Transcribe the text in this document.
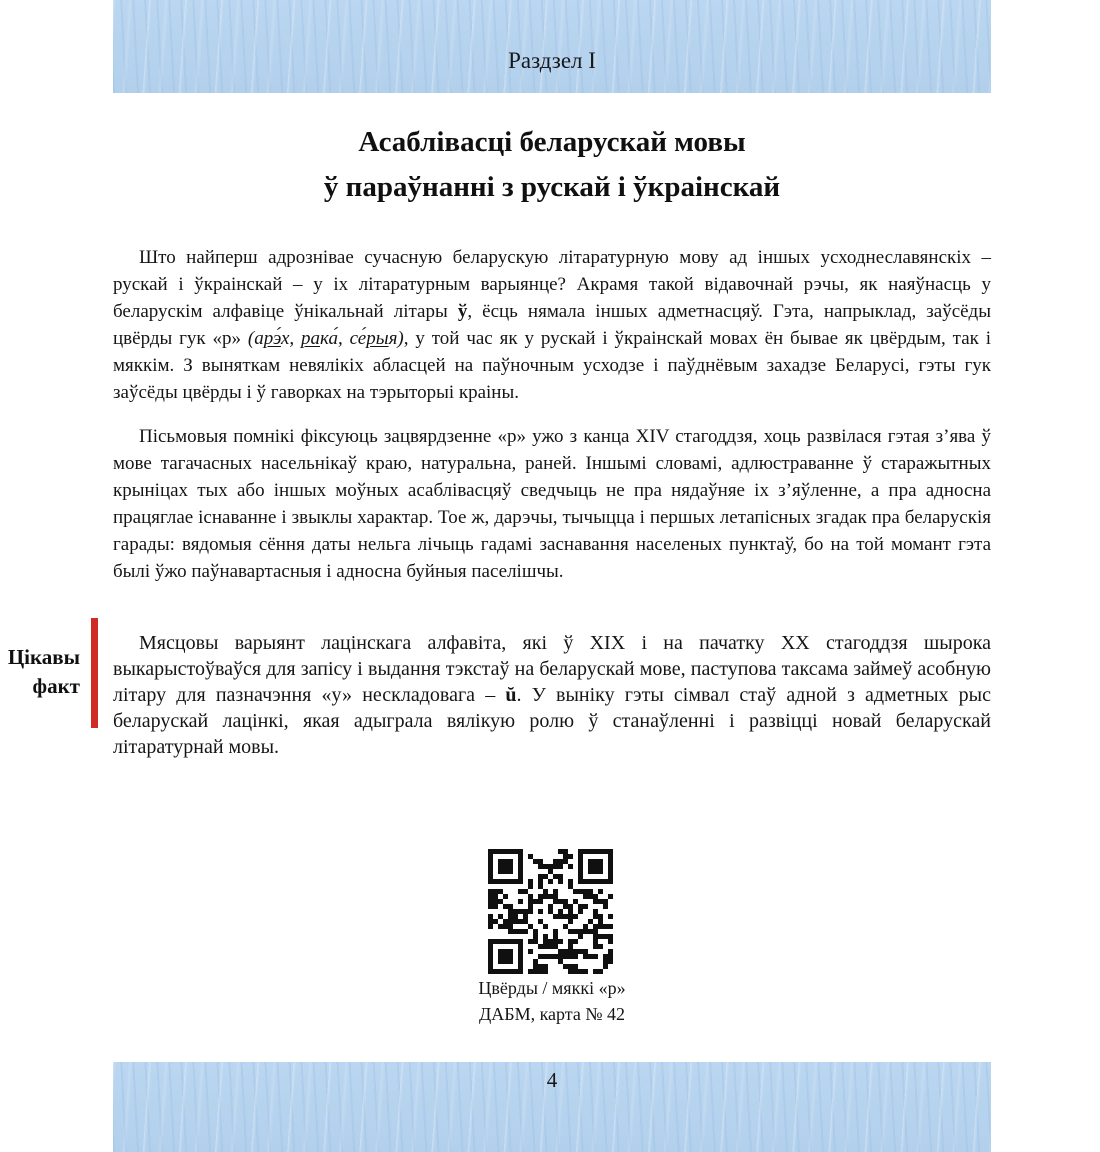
Раздзел I
Асаблівасці беларускай мовы
ў параўнанні з рускай і ўкраінскай

Што найперш адрознівае сучасную беларускую літаратурную мову ад іншых усходнеславянскіх – рускай і ўкраінскай – у іх літаратурным варыянце? Акрамя такой відавочнай рэчы, як наяўнасць у беларускім алфавіце ўнікальнай літары ў, ёсць нямала іншых адметнасцяў. Гэта, напрыклад, заўсёды цвёрды гук «р» (арэ́х, рака́, се́рыя), у той час як у рускай і ўкраінскай мовах ён бывае як цвёрдым, так і мяккім. З выняткам невялікіх абласцей на паўночным усходзе і паўднёвым захадзе Беларусі, гэты гук заўсёды цвёрды і ў гаворках на тэрыторыі краіны.

Пісьмовыя помнікі фіксуюць зацвярдзенне «р» ужо з канца XIV стагоддзя, хоць развілася гэтая з’ява ў мове тагачасных насельнікаў краю, натуральна, раней. Іншымі словамі, адлюстраванне ў старажытных крыніцах тых або іншых моўных асаблівасцяў сведчыць не пра нядаўняе іх з’яўленне, а пра адносна працяглае існаванне і звыклы характар. Тое ж, дарэчы, тычыцца і першых летапісных згадак пра беларускія гарады: вядомыя сёння даты нельга лічыць гадамі заснавання населеных пунктаў, бо на той момант гэта былі ўжо паўнавартасныя і адносна буйныя паселішчы.

Цікавы
факт

Мясцовы варыянт лацінскага алфавіта, які ў XIX і на пачатку XX стагоддзя шырока выкарыстоўваўся для запісу і выдання тэкстаў на беларускай мове, паступова таксама займеў асобную літару для пазначэння «у» нескладовага – ŭ. У выніку гэты сімвал стаў адной з адметных рыс беларускай лацінкі, якая адыграла вялікую ролю ў станаўленні і развіцці новай беларускай літаратурнай мовы.

Цвёрды / мяккі «р»
ДАБМ, карта № 42
4
